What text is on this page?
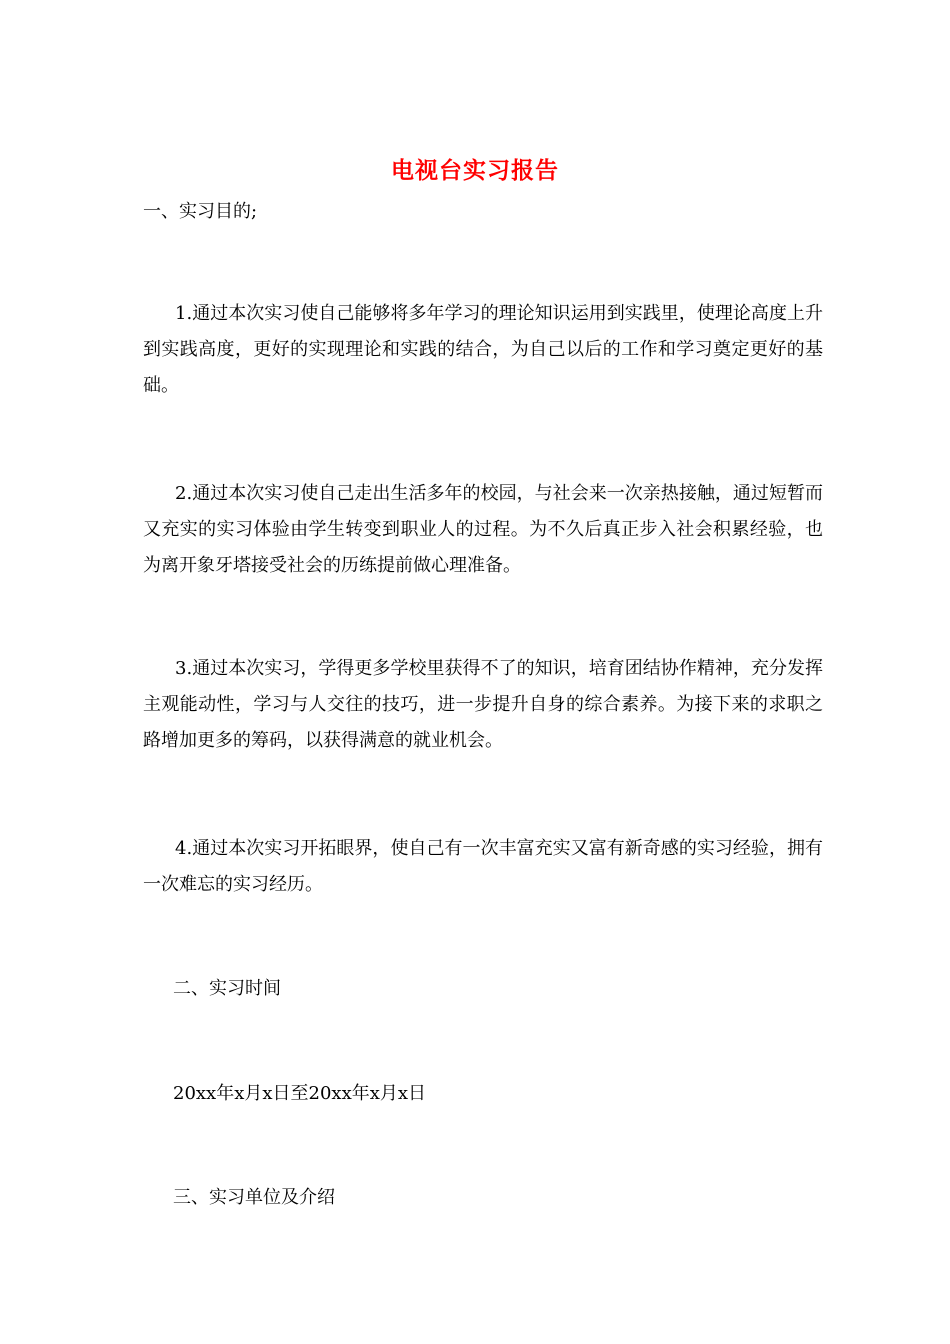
电视台实习报告
一、实习目的;
1.通过本次实习使自己能够将多年学习的理论知识运用到实践里，使理论高度上升到实践高度，更好的实现理论和实践的结合，为自己以后的工作和学习奠定更好的基础。
2.通过本次实习使自己走出生活多年的校园，与社会来一次亲热接触，通过短暂而又充实的实习体验由学生转变到职业人的过程。为不久后真正步入社会积累经验，也为离开象牙塔接受社会的历练提前做心理准备。
3.通过本次实习，学得更多学校里获得不了的知识，培育团结协作精神，充分发挥主观能动性，学习与人交往的技巧，进一步提升自身的综合素养。为接下来的求职之路增加更多的筹码，以获得满意的就业机会。
4.通过本次实习开拓眼界，使自己有一次丰富充实又富有新奇感的实习经验，拥有一次难忘的实习经历。
二、实习时间
20xx年x月x日至20xx年x月x日
三、实习单位及介绍
